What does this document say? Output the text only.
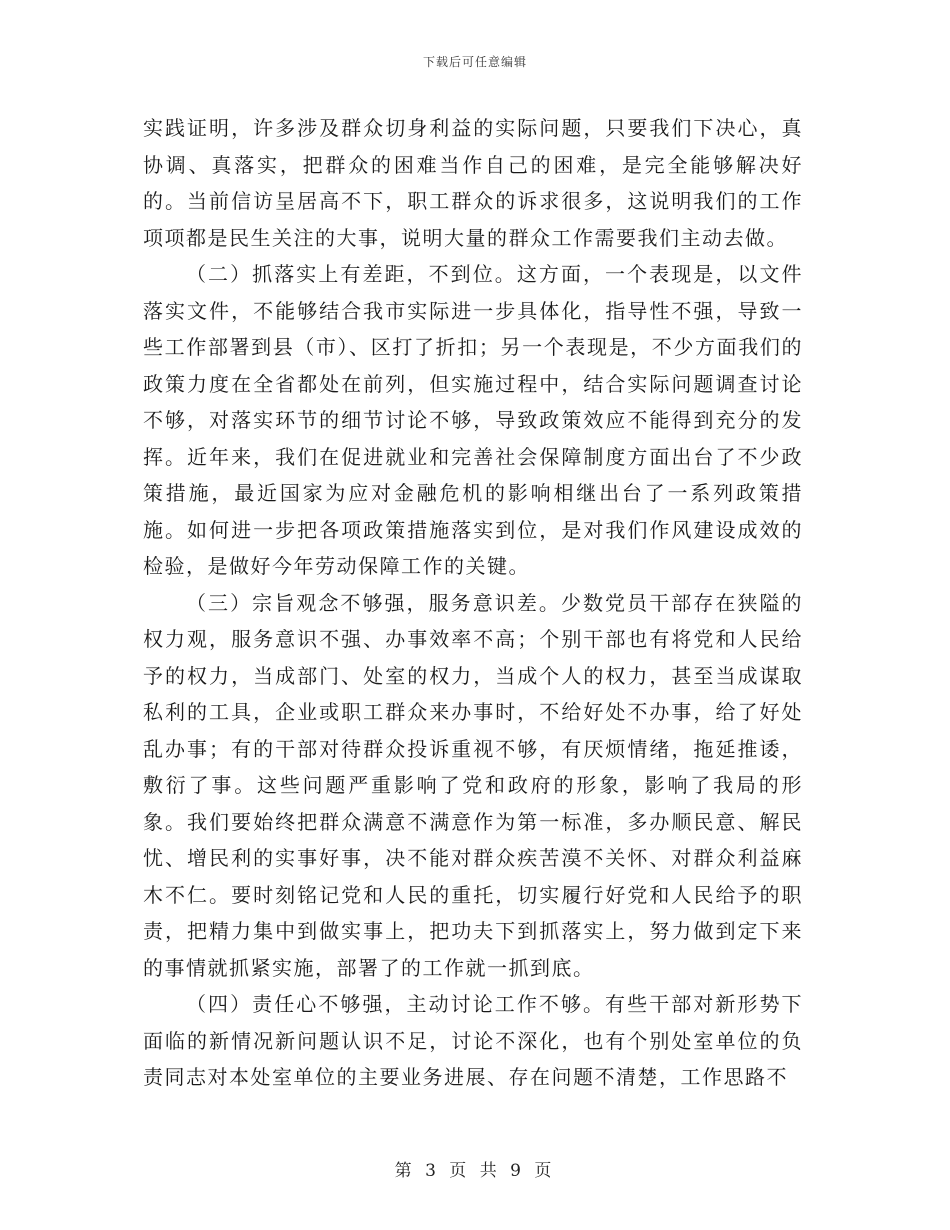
下载后可任意编辑

实践证明，许多涉及群众切身利益的实际问题，只要我们下决心，真协调、真落实，把群众的困难当作自己的困难，是完全能够解决好的。当前信访呈居高不下，职工群众的诉求很多，这说明我们的工作项项都是民生关注的大事，说明大量的群众工作需要我们主动去做。

（二）抓落实上有差距，不到位。这方面，一个表现是，以文件落实文件，不能够结合我市实际进一步具体化，指导性不强，导致一些工作部署到县（市）、区打了折扣；另一个表现是，不少方面我们的政策力度在全省都处在前列，但实施过程中，结合实际问题调查讨论不够，对落实环节的细节讨论不够，导致政策效应不能得到充分的发挥。近年来，我们在促进就业和完善社会保障制度方面出台了不少政策措施，最近国家为应对金融危机的影响相继出台了一系列政策措施。如何进一步把各项政策措施落实到位，是对我们作风建设成效的检验，是做好今年劳动保障工作的关键。

（三）宗旨观念不够强，服务意识差。少数党员干部存在狭隘的权力观，服务意识不强、办事效率不高；个别干部也有将党和人民给予的权力，当成部门、处室的权力，当成个人的权力，甚至当成谋取私利的工具，企业或职工群众来办事时，不给好处不办事，给了好处乱办事；有的干部对待群众投诉重视不够，有厌烦情绪，拖延推诿，敷衍了事。这些问题严重影响了党和政府的形象，影响了我局的形象。我们要始终把群众满意不满意作为第一标准，多办顺民意、解民忧、增民利的实事好事，决不能对群众疾苦漠不关怀、对群众利益麻木不仁。要时刻铭记党和人民的重托，切实履行好党和人民给予的职责，把精力集中到做实事上，把功夫下到抓落实上，努力做到定下来的事情就抓紧实施，部署了的工作就一抓到底。

（四）责任心不够强，主动讨论工作不够。有些干部对新形势下面临的新情况新问题认识不足，讨论不深化，也有个别处室单位的负责同志对本处室单位的主要业务进展、存在问题不清楚，工作思路不

第 3 页 共 9 页
